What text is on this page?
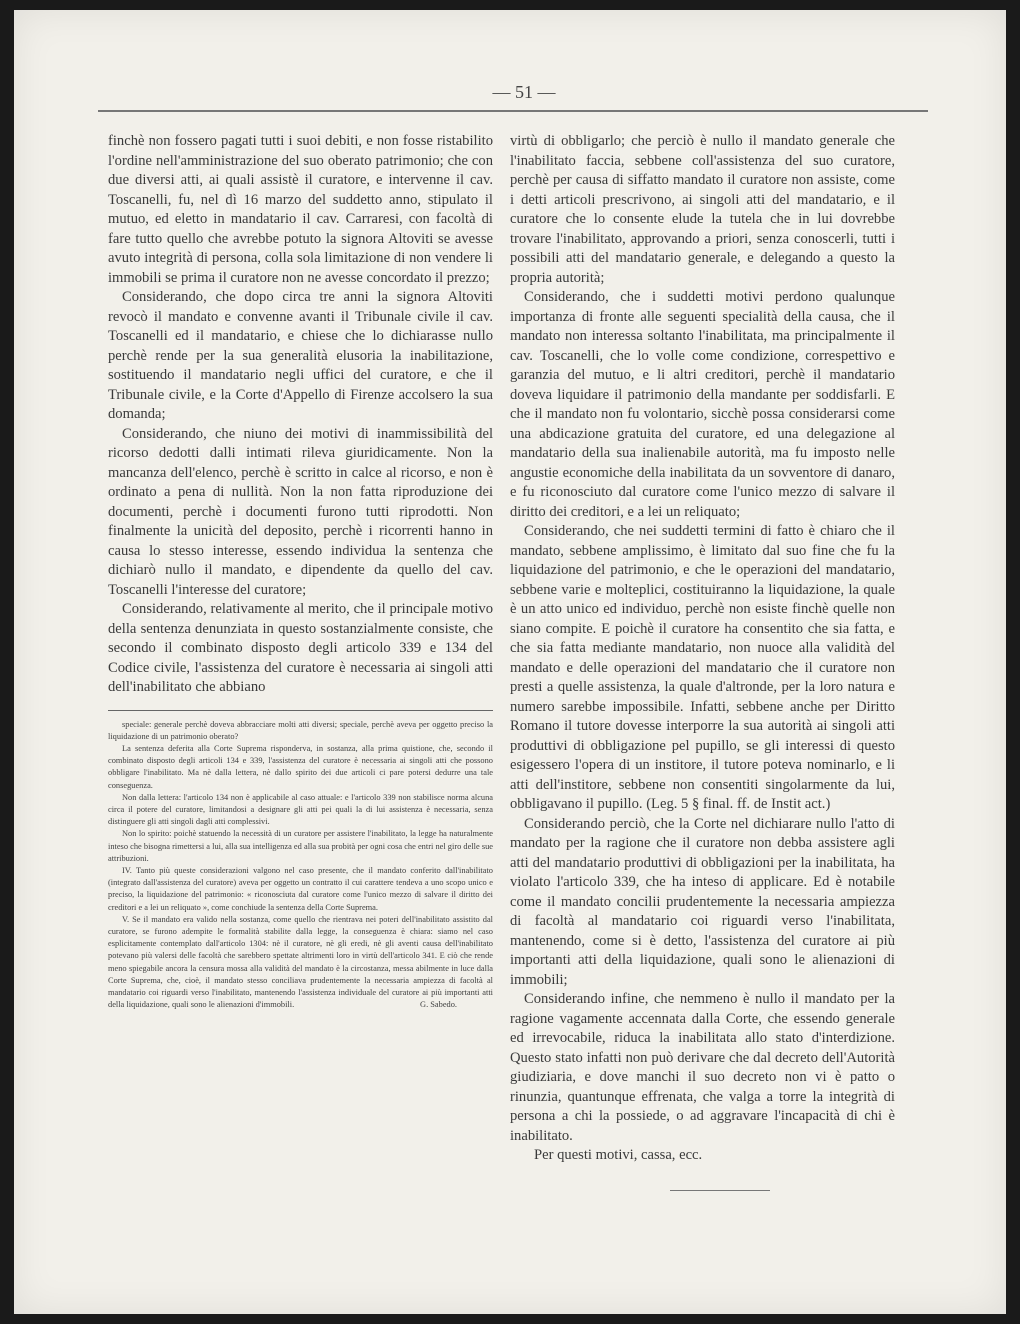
— 51 —

finchè non fossero pagati tutti i suoi debiti, e non fosse ristabilito l'ordine nell'amministrazione del suo oberato patrimonio; che con due diversi atti, ai quali assistè il curatore, e intervenne il cav. Toscanelli, fu, nel dì 16 marzo del suddetto anno, stipulato il mutuo, ed eletto in mandatario il cav. Carraresi, con facoltà di fare tutto quello che avrebbe potuto la signora Altoviti se avesse avuto integrità di persona, colla sola limitazione di non vendere li immobili se prima il curatore non ne avesse concordato il prezzo;

Considerando, che dopo circa tre anni la signora Altoviti revocò il mandato e convenne avanti il Tribunale civile il cav. Toscanelli ed il mandatario, e chiese che lo dichiarasse nullo perchè rende per la sua generalità elusoria la inabilitazione, sostituendo il mandatario negli uffici del curatore, e che il Tribunale civile, e la Corte d'Appello di Firenze accolsero la sua domanda;

Considerando, che niuno dei motivi di inammissibilità del ricorso dedotti dalli intimati rileva giuridicamente. Non la mancanza dell'elenco, perchè è scritto in calce al ricorso, e non è ordinato a pena di nullità. Non la non fatta riproduzione dei documenti, perchè i documenti furono tutti riprodotti. Non finalmente la unicità del deposito, perchè i ricorrenti hanno in causa lo stesso interesse, essendo individua la sentenza che dichiarò nullo il mandato, e dipendente da quello del cav. Toscanelli l'interesse del curatore;

Considerando, relativamente al merito, che il principale motivo della sentenza denunziata in questo sostanzialmente consiste, che secondo il combinato disposto degli articolo 339 e 134 del Codice civile, l'assistenza del curatore è necessaria ai singoli atti dell'inabilitato che abbiano

speciale: generale perchè doveva abbracciare molti atti diversi; speciale, perchè aveva per oggetto preciso la liquidazione di un patrimonio oberato?

La sentenza deferita alla Corte Suprema risponderva, in sostanza, alla prima quistione, che, secondo il combinato disposto degli articoli 134 e 339, l'assistenza del curatore è necessaria ai singoli atti che possono obbligare l'inabilitato. Ma nè dalla lettera, nè dallo spirito dei due articoli ci pare potersi dedurre una tale conseguenza.

Non dalla lettera: l'articolo 134 non è applicabile al caso attuale: e l'articolo 339 non stabilisce norma alcuna circa il potere del curatore, limitandosi a designare gli atti pei quali la di lui assistenza è necessaria, senza distinguere gli atti singoli dagli atti complessivi.

Non lo spirito: poichè statuendo la necessità di un curatore per assistere l'inabilitato, la legge ha naturalmente inteso che bisogna rimettersi a lui, alla sua intelligenza ed alla sua probità per ogni cosa che entri nel giro delle sue attribuzioni.

IV. Tanto più queste considerazioni valgono nel caso presente, che il mandato conferito dall'inabilitato (integrato dall'assistenza del curatore) aveva per oggetto un contratto il cui carattere tendeva a uno scopo unico e preciso, la liquidazione del patrimonio: « riconosciuta dal curatore come l'unico mezzo di salvare il diritto dei creditori e a lei un reliquato », come conchiude la sentenza della Corte Suprema.

V. Se il mandato era valido nella sostanza, come quello che rientrava nei poteri dell'inabilitato assistito dal curatore, se furono adempite le formalità stabilite dalla legge, la conseguenza è chiara: siamo nel caso esplicitamente contemplato dall'articolo 1304: nè il curatore, nè gli eredi, nè gli aventi causa dell'inabilitato potevano più valersi delle facoltà che sarebbero spettate altrimenti loro in virtù dell'articolo 341. E ciò che rende meno spiegabile ancora la censura mossa alla validità del mandato è la circostanza, messa abilmente in luce dalla Corte Suprema, che, cioè, il mandato stesso conciliava prudentemente la necessaria ampiezza di facoltà al mandatario coi riguardi verso l'inabilitato, mantenendo l'assistenza individuale del curatore ai più importanti atti della liquidazione, quali sono le alienazioni d'immobili.	G. Sabedo.

virtù di obbligarlo; che perciò è nullo il mandato generale che l'inabilitato faccia, sebbene coll'assistenza del suo curatore, perchè per causa di siffatto mandato il curatore non assiste, come i detti articoli prescrivono, ai singoli atti del mandatario, e il curatore che lo consente elude la tutela che in lui dovrebbe trovare l'inabilitato, approvando a priori, senza conoscerli, tutti i possibili atti del mandatario generale, e delegando a questo la propria autorità;

Considerando, che i suddetti motivi perdono qualunque importanza di fronte alle seguenti specialità della causa, che il mandato non interessa soltanto l'inabilitata, ma principalmente il cav. Toscanelli, che lo volle come condizione, correspettivo e garanzia del mutuo, e li altri creditori, perchè il mandatario doveva liquidare il patrimonio della mandante per soddisfarli. E che il mandato non fu volontario, sicchè possa considerarsi come una abdicazione gratuita del curatore, ed una delegazione al mandatario della sua inalienabile autorità, ma fu imposto nelle angustie economiche della inabilitata da un sovventore di danaro, e fu riconosciuto dal curatore come l'unico mezzo di salvare il diritto dei creditori, e a lei un reliquato;

Considerando, che nei suddetti termini di fatto è chiaro che il mandato, sebbene amplissimo, è limitato dal suo fine che fu la liquidazione del patrimonio, e che le operazioni del mandatario, sebbene varie e molteplici, costituiranno la liquidazione, la quale è un atto unico ed individuo, perchè non esiste finchè quelle non siano compite. E poichè il curatore ha consentito che sia fatta, e che sia fatta mediante mandatario, non nuoce alla validità del mandato e delle operazioni del mandatario che il curatore non presti a quelle assistenza, la quale d'altronde, per la loro natura e numero sarebbe impossibile. Infatti, sebbene anche per Diritto Romano il tutore dovesse interporre la sua autorità ai singoli atti produttivi di obbligazione pel pupillo, se gli interessi di questo esigessero l'opera di un institore, il tutore poteva nominarlo, e li atti dell'institore, sebbene non consentiti singolarmente da lui, obbligavano il pupillo. (Leg. 5 § final. ff. de Instit act.)

Considerando perciò, che la Corte nel dichiarare nullo l'atto di mandato per la ragione che il curatore non debba assistere agli atti del mandatario produttivi di obbligazioni per la inabilitata, ha violato l'articolo 339, che ha inteso di applicare. Ed è notabile come il mandato concilii prudentemente la necessaria ampiezza di facoltà al mandatario coi riguardi verso l'inabilitata, mantenendo, come si è detto, l'assistenza del curatore ai più importanti atti della liquidazione, quali sono le alienazioni di immobili;

Considerando infine, che nemmeno è nullo il mandato per la ragione vagamente accennata dalla Corte, che essendo generale ed irrevocabile, riduca la inabilitata allo stato d'interdizione. Questo stato infatti non può derivare che dal decreto dell'Autorità giudiziaria, e dove manchi il suo decreto non vi è patto o rinunzia, quantunque effrenata, che valga a torre la integrità di persona a chi la possiede, o ad aggravare l'incapacità di chi è inabilitato.

Per questi motivi, cassa, ecc.
